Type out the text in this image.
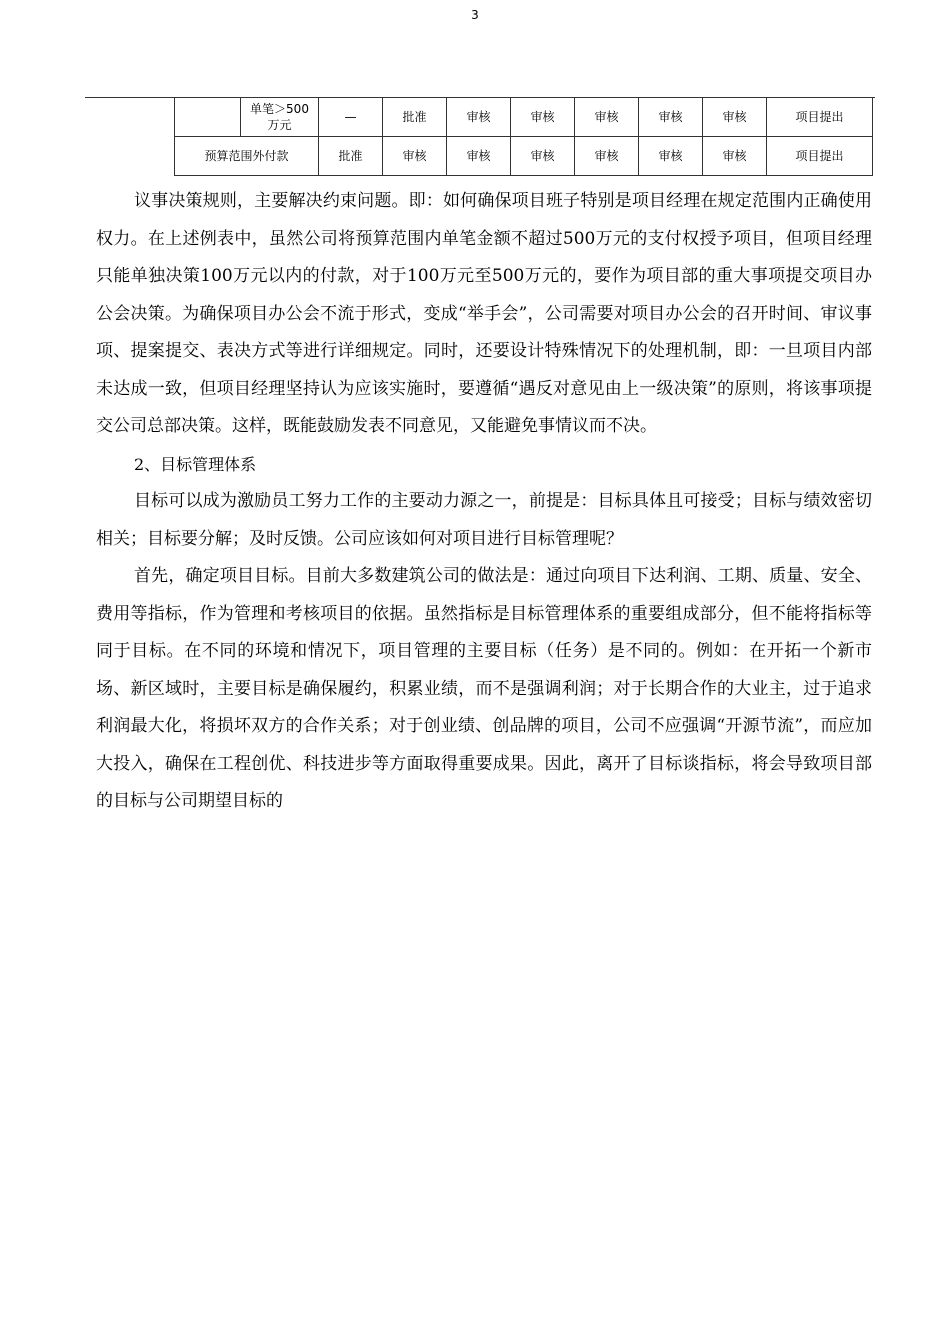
3
	单笔＞500
万元	—	批准	审核	审核	审核	审核	审核	项目提出
预算范围外付款		批准	审核	审核	审核	审核	审核	审核	项目提出

议事决策规则，主要解决约束问题。即：如何确保项目班子特别是项目经理在规定范围内正确使用权力。在上述例表中，虽然公司将预算范围内单笔金额不超过500万元的支付权授予项目，但项目经理只能单独决策100万元以内的付款，对于100万元至500万元的，要作为项目部的重大事项提交项目办公会决策。为确保项目办公会不流于形式，变成“举手会”，公司需要对项目办公会的召开时间、审议事项、提案提交、表决方式等进行详细规定。同时，还要设计特殊情况下的处理机制，即：一旦项目内部未达成一致，但项目经理坚持认为应该实施时，要遵循“遇反对意见由上一级决策”的原则，将该事项提交公司总部决策。这样，既能鼓励发表不同意见，又能避免事情议而不决。

2、目标管理体系

目标可以成为激励员工努力工作的主要动力源之一，前提是：目标具体且可接受；目标与绩效密切相关；目标要分解；及时反馈。公司应该如何对项目进行目标管理呢？

首先，确定项目目标。目前大多数建筑公司的做法是：通过向项目下达利润、工期、质量、安全、费用等指标，作为管理和考核项目的依据。虽然指标是目标管理体系的重要组成部分，但不能将指标等同于目标。在不同的环境和情况下，项目管理的主要目标（任务）是不同的。例如：在开拓一个新市场、新区域时，主要目标是确保履约，积累业绩，而不是强调利润；对于长期合作的大业主，过于追求利润最大化，将损坏双方的合作关系；对于创业绩、创品牌的项目，公司不应强调“开源节流”，而应加大投入，确保在工程创优、科技进步等方面取得重要成果。因此，离开了目标谈指标，将会导致项目部的目标与公司期望目标的
